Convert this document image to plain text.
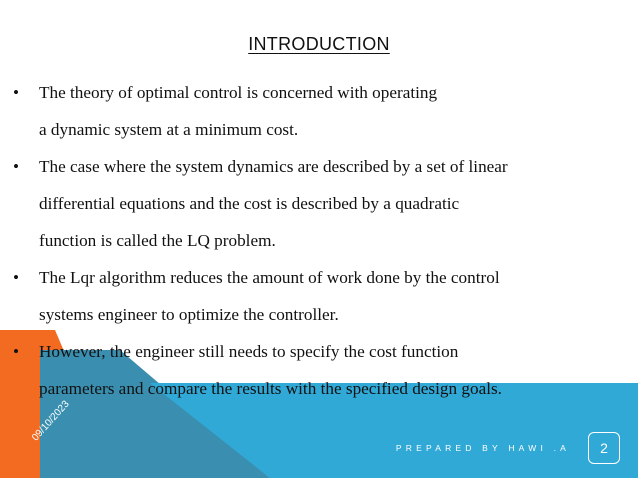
INTRODUCTION
• The theory of optimal control is concerned with operating
a dynamic system at a minimum cost.
• The case where the system dynamics are described by a set of linear
differential equations and the cost is described by a quadratic
function is called the LQ problem.
• The Lqr algorithm reduces the amount of work done by the control
systems engineer to optimize the controller.
• However, the engineer still needs to specify the cost function
parameters and compare the results with the specified design goals.
09/10/2023
PREPARED BY HAWI .A 2
